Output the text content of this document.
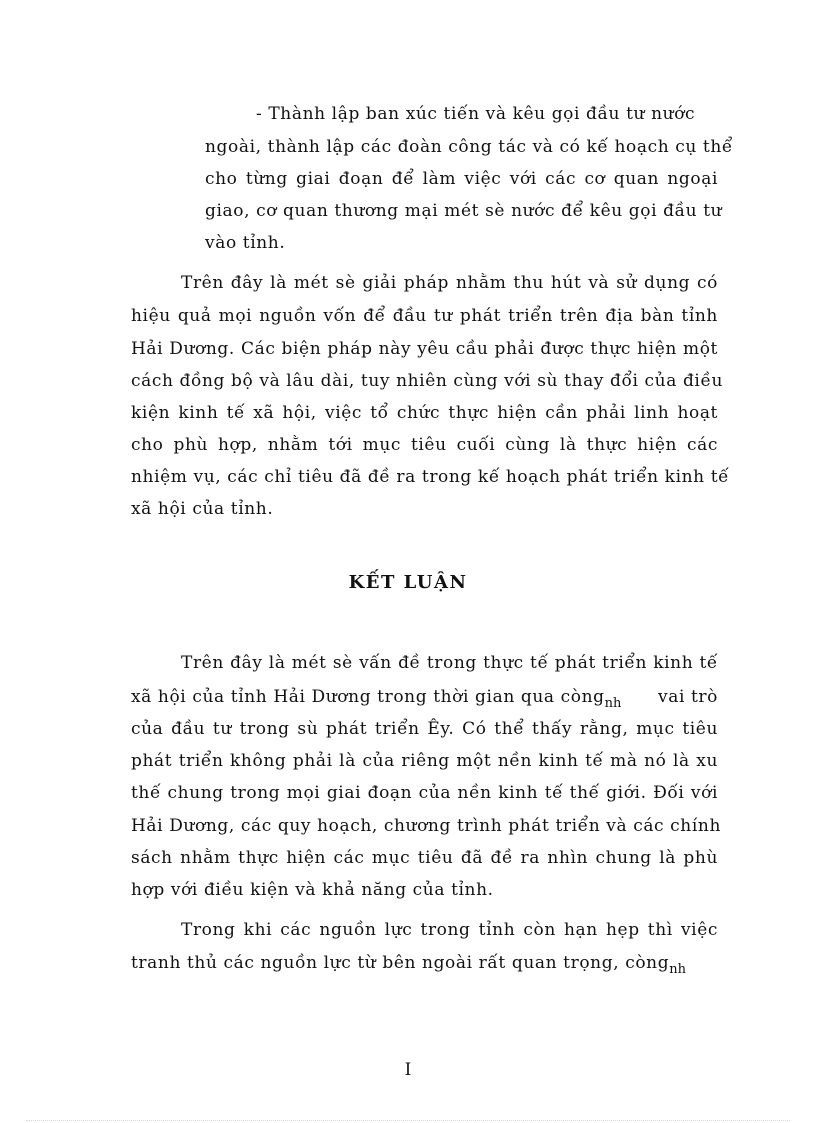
- Thành lập ban xúc tiến và kêu gọi đầu tư nước
ngoài, thành lập các đoàn công tác và có kế hoạch cụ thể
cho từng giai đoạn để làm việc với các cơ quan ngoại
giao, cơ quan thương mại mét sè nước để kêu gọi đầu tư
vào tỉnh.
Trên đây là mét sè giải pháp nhằm thu hút và sử dụng có
hiệu quả mọi nguồn vốn để đầu tư phát triển trên địa bàn tỉnh
Hải Dương. Các biện pháp này yêu cầu phải được thực hiện một
cách đồng bộ và lâu dài, tuy nhiên cùng với sù thay đổi của điều
kiện kinh tế xã hội, việc tổ chức thực hiện cần phải linh hoạt
cho phù hợp, nhằm tới mục tiêu cuối cùng là thực hiện các
nhiệm vụ, các chỉ tiêu đã đề ra trong kế hoạch phát triển kinh tế
xã hội của tỉnh.
KẾT LUẬN
Trên đây là mét sè vấn đề trong thực tế phát triển kinh tế
xã hội của tỉnh Hải Dương trong thời gian qua còng$_{nh}$ vai trò
của đầu tư trong sù phát triển Êy. Có thể thấy rằng, mục tiêu
phát triển không phải là của riêng một nền kinh tế mà nó là xu
thế chung trong mọi giai đoạn của nền kinh tế thế giới. Đối với
Hải Dương, các quy hoạch, chương trình phát triển và các chính
sách nhằm thực hiện các mục tiêu đã đề ra nhìn chung là phù
hợp với điều kiện và khả năng của tỉnh.
Trong khi các nguồn lực trong tỉnh còn hạn hẹp thì việc
tranh thủ các nguồn lực từ bên ngoài rất quan trọng, còng$_{nh}$
I
